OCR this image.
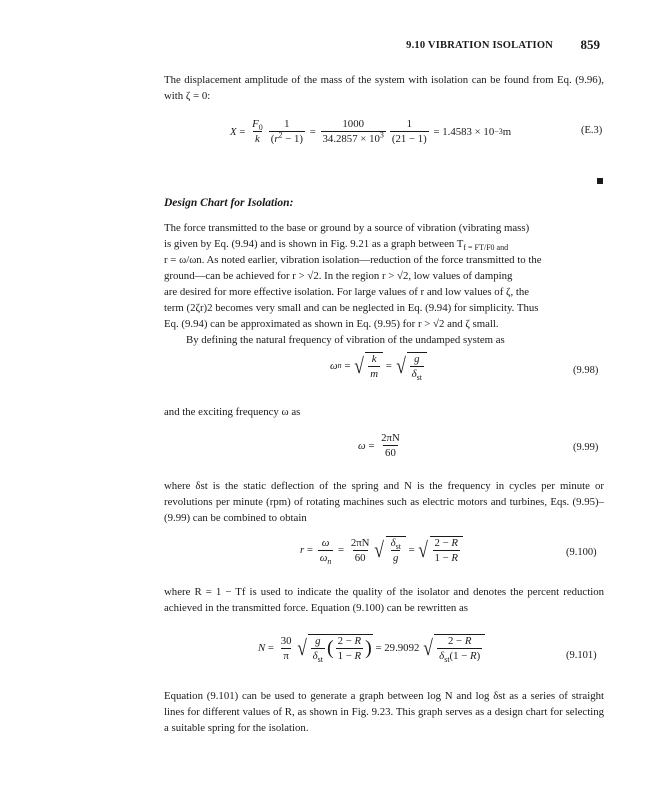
9.10 VIBRATION ISOLATION 859
The displacement amplitude of the mass of the system with isolation can be found from Eq. (9.96), with ζ = 0:
X =
$F_0$
k
1
$(r^2 - 1)$
=
1000
$34.2857 \times 10^3 \frac{1}{(21 - 1)}$
= 1.4583 × 10 −3 m	(E.3)
Design Chart for Isolation:
The force transmitted to the base or ground by a source of vibration (vibrating mass)
is given by Eq. (9.94) and is shown in Fig. 9.21 as a graph between $T_{f = FT/F0 and}$
r = ω/ωn. As noted earlier, vibration isolation—reduction of the force transmitted to the
ground—can be achieved for r > √2. In the region r > √2, low values of damping
are desired for more effective isolation. For large values of r and low values of ζ, the
term (2ζr)2 becomes very small and can be neglected in Eq. (9.94) for simplicity. Thus
Eq. (9.94) can be approximated as shown in Eq. (9.95) for r > √2 and ζ small.
By defining the natural frequency of vibration of the undamped system as
ω n = √ k
m
= √ g
$\delta_{st}$
(9.98)
and the exciting frequency ω as
ω =
2πN
60	(9.99)
where δst is the static deflection of the spring and N is the frequency in cycles per minute or revolutions per minute (rpm) of rotating machines such as electric motors and turbines, Eqs. (9.95)–(9.99) can be combined to obtain
r =
ω
$\omega_n$
=
2πN
60 √ $\delta_{st}$
g
= √ 2 − R
1 − R	(9.100)
where R = 1 − Tf is used to indicate the quality of the isolator and denotes the percent reduction achieved in the transmitted force. Equation (9.100) can be rewritten as
N =
30
π √ g
$\delta_{st}$
( 2 − R
1 − R )
= 29.9092
√ 2 − R
$\delta_{st}(1 - R)$	(9.101)
Equation (9.101) can be used to generate a graph between log N and log δst as a series of straight lines for different values of R, as shown in Fig. 9.23. This graph serves as a design chart for selecting a suitable spring for the isolation.
